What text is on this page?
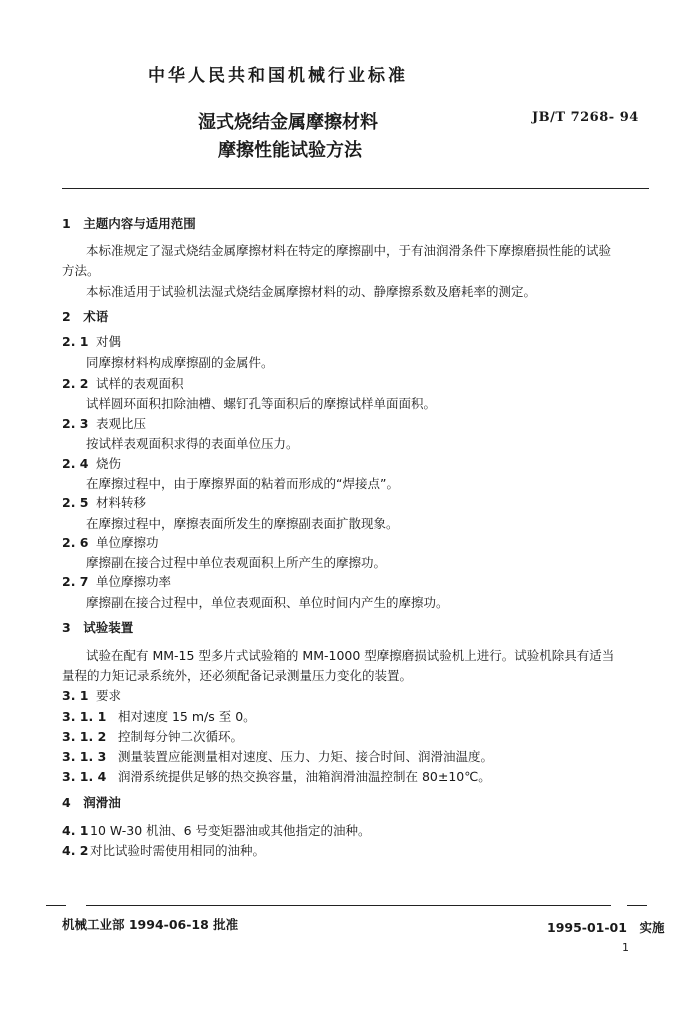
中华人民共和国机械行业标准
湿式烧结金属摩擦材料
摩擦性能试验方法
JB/T 7268- 94
1　主题内容与适用范围
本标准规定了湿式烧结金属摩擦材料在特定的摩擦副中，于有油润滑条件下摩擦磨损性能的试验
方法。
本标准适用于试验机法湿式烧结金属摩擦材料的动、静摩擦系数及磨耗率的测定。
2　术语
2. 1 对偶
同摩擦材料构成摩擦副的金属件。
2. 2 试样的表观面积
试样圆环面积扣除油槽、螺钉孔等面积后的摩擦试样单面面积。
2. 3 表观比压
按试样表观面积求得的表面单位压力。
2. 4 烧伤
在摩擦过程中，由于摩擦界面的粘着而形成的“焊接点”。
2. 5 材料转移
在摩擦过程中，摩擦表面所发生的摩擦副表面扩散现象。
2. 6 单位摩擦功
摩擦副在接合过程中单位表观面积上所产生的摩擦功。
2. 7 单位摩擦功率
摩擦副在接合过程中，单位表观面积、单位时间内产生的摩擦功。
3　试验装置
试验在配有 MM-15 型多片式试验箱的 MM-1000 型摩擦磨损试验机上进行。试验机除具有适当
量程的力矩记录系统外，还必须配备记录测量压力变化的装置。
3. 1 要求
3. 1. 1 相对速度 15 m/s 至 0。
3. 1. 2 控制每分钟二次循环。
3. 1. 3 测量装置应能测量相对速度、压力、力矩、接合时间、润滑油温度。
3. 1. 4 润滑系统提供足够的热交换容量，油箱润滑油温控制在 80±10℃。
4　润滑油
4. 1 10 W-30 机油、6 号变矩器油或其他指定的油种。
4. 2 对比试验时需使用相同的油种。
机械工业部 1994-06-18 批准	1995-01-01　实施
1
